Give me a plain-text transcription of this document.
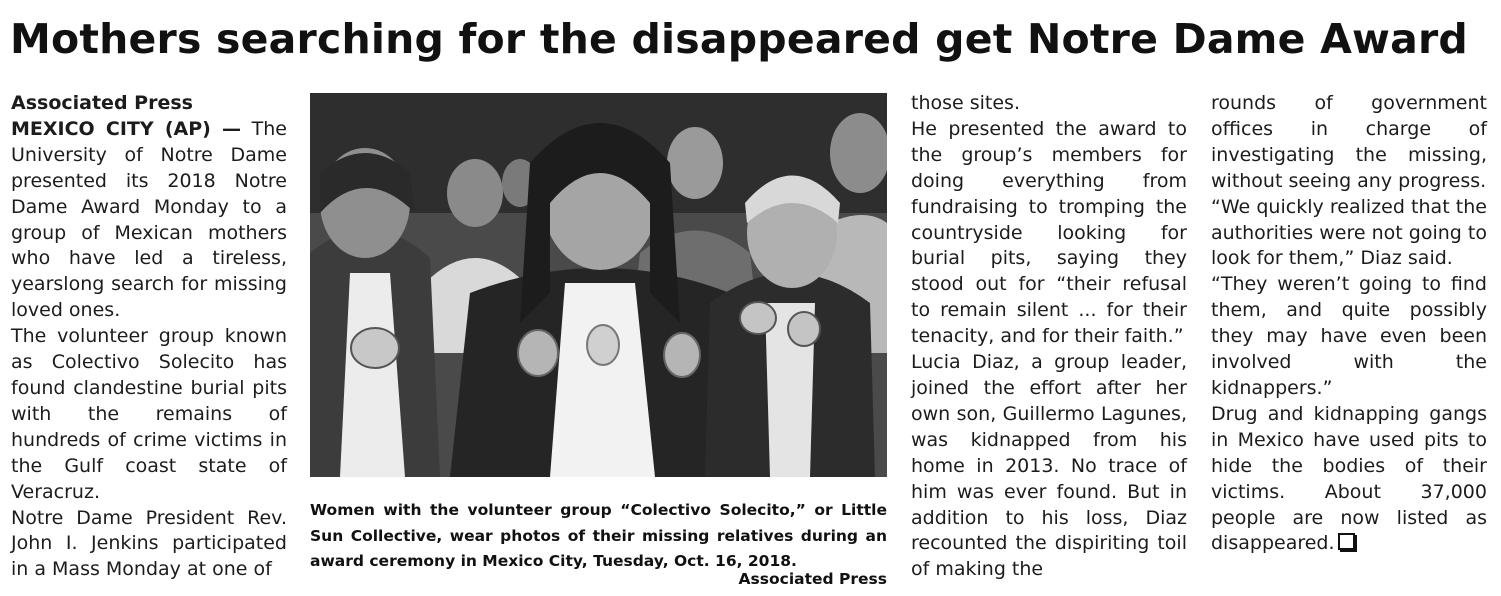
Mothers searching for the disappeared get Notre Dame Award
Associated Press

MEXICO CITY (AP) — The University of Notre Dame presented its 2018 Notre Dame Award Monday to a group of Mexican mothers who have led a tireless, yearslong search for missing loved ones.

The volunteer group known as Colectivo Solecito has found clandestine burial pits with the remains of hundreds of crime victims in the Gulf coast state of Veracruz.

Notre Dame President Rev. John I. Jenkins participated in a Mass Monday at one of

Women with the volunteer group “Colectivo Solecito,” or Little Sun Collective, wear photos of their missing relatives during an award ceremony in Mexico City, Tuesday, Oct. 16, 2018.
Associated Press

those sites.

He presented the award to the group’s members for doing everything from fundraising to tromping the countryside looking for burial pits, saying they stood out for “their refusal to remain silent ... for their tenacity, and for their faith.”

Lucia Diaz, a group leader, joined the effort after her own son, Guillermo Lagunes, was kidnapped from his home in 2013. No trace of him was ever found. But in addition to his loss, Diaz recounted the dispiriting toil of making the

rounds of government offices in charge of investigating the missing, without seeing any progress.

“We quickly realized that the authorities were not going to look for them,” Diaz said.

“They weren’t going to find them, and quite possibly they may have even been involved with the kidnappers.”

Drug and kidnapping gangs in Mexico have used pits to hide the bodies of their victims. About 37,000 people are now listed as disappeared.
